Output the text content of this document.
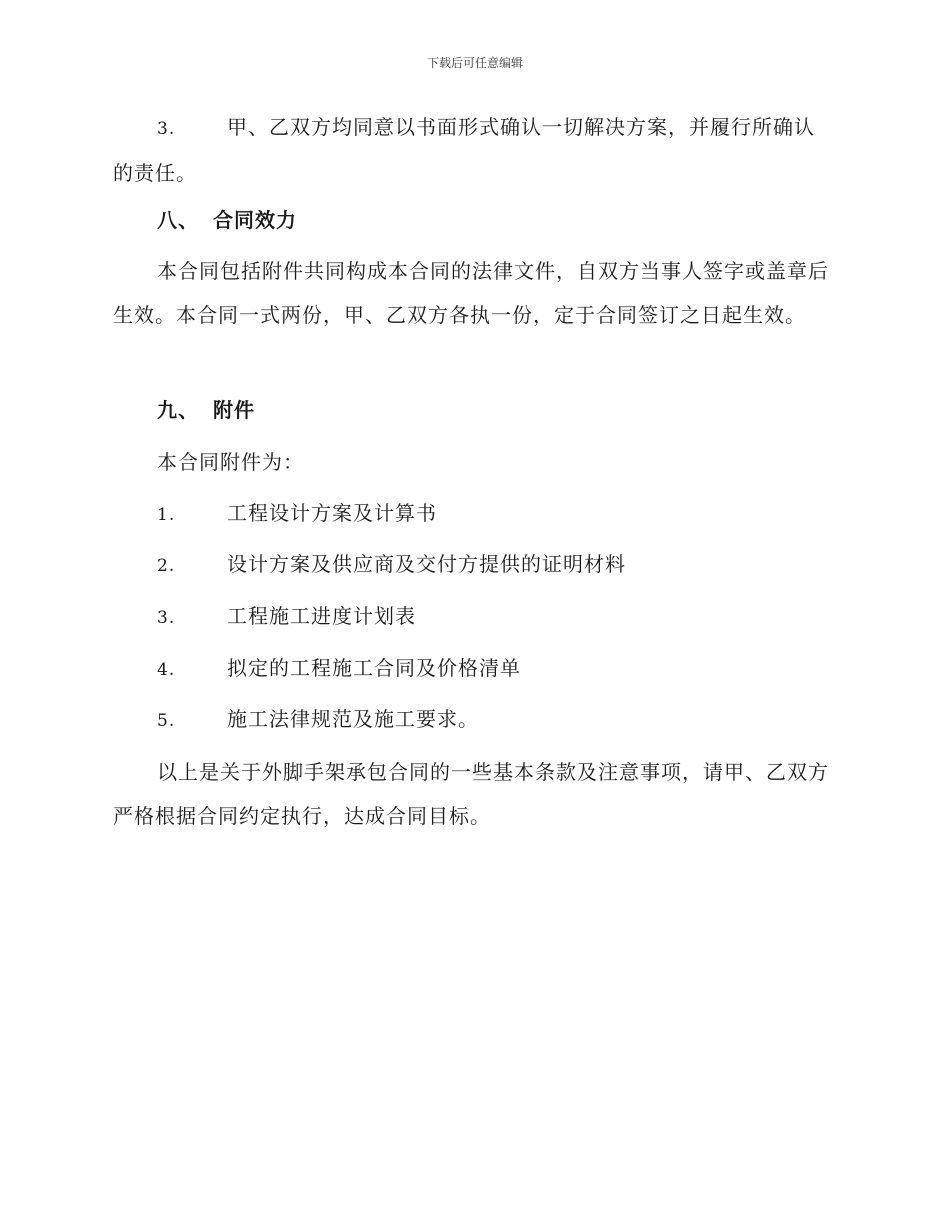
下载后可任意编辑
3.	甲、乙双方均同意以书面形式确认一切解决方案，并履行所确认的责任。
八、 合同效力
本合同包括附件共同构成本合同的法律文件，自双方当事人签字或盖章后生效。本合同一式两份，甲、乙双方各执一份，定于合同签订之日起生效。
九、 附件
本合同附件为：
1.	工程设计方案及计算书
2.	设计方案及供应商及交付方提供的证明材料
3.	工程施工进度计划表
4.	拟定的工程施工合同及价格清单
5.	施工法律规范及施工要求。
以上是关于外脚手架承包合同的一些基本条款及注意事项，请甲、乙双方严格根据合同约定执行，达成合同目标。
